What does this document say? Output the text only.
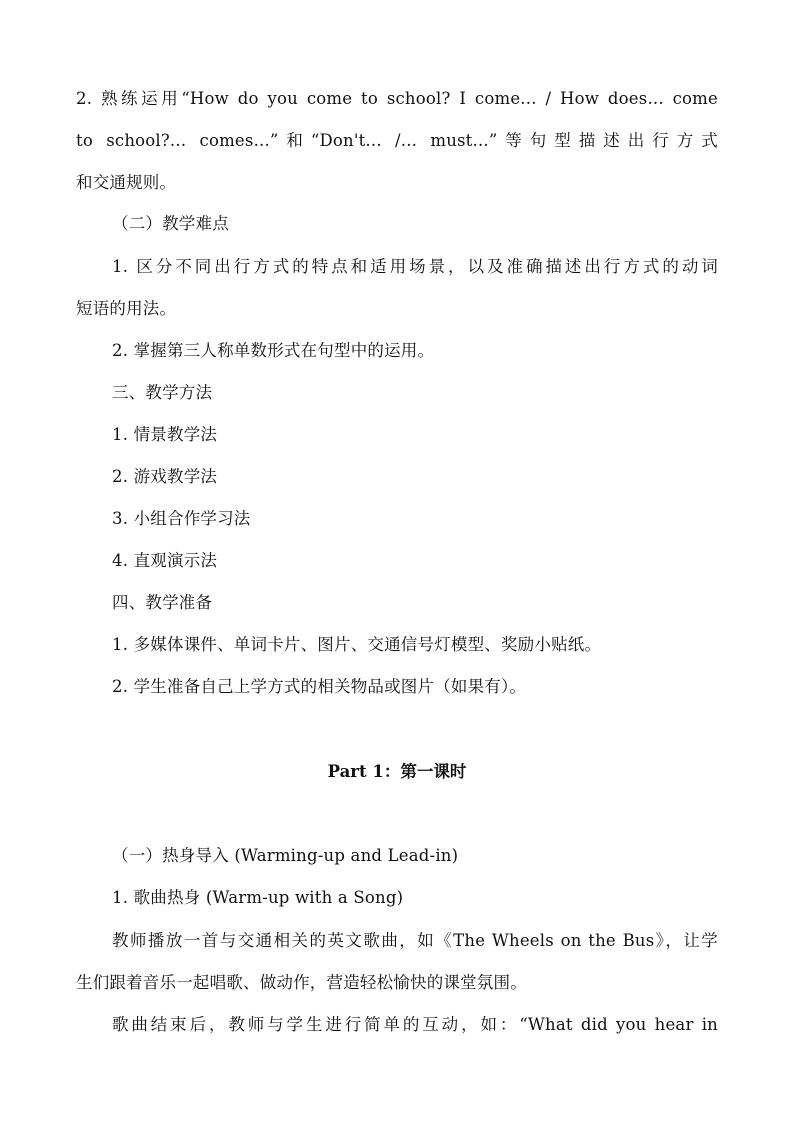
2. 熟练运用“How do you come to school? I come... / How does... come
to school?... comes...”和“Don't... /... must...”等句型描述出行方式
和交通规则。
（二）教学难点
1. 区分不同出行方式的特点和适用场景，以及准确描述出行方式的动词
短语的用法。
2. 掌握第三人称单数形式在句型中的运用。
三、教学方法
1. 情景教学法
2. 游戏教学法
3. 小组合作学习法
4. 直观演示法
四、教学准备
1. 多媒体课件、单词卡片、图片、交通信号灯模型、奖励小贴纸。
2. 学生准备自己上学方式的相关物品或图片（如果有）。
Part 1：第一课时
（一）热身导入 (Warming-up and Lead-in)
1. 歌曲热身 (Warm-up with a Song)
教师播放一首与交通相关的英文歌曲，如《The Wheels on the Bus》，让学
生们跟着音乐一起唱歌、做动作，营造轻松愉快的课堂氛围。
歌曲结束后，教师与学生进行简单的互动，如：“What did you hear in
